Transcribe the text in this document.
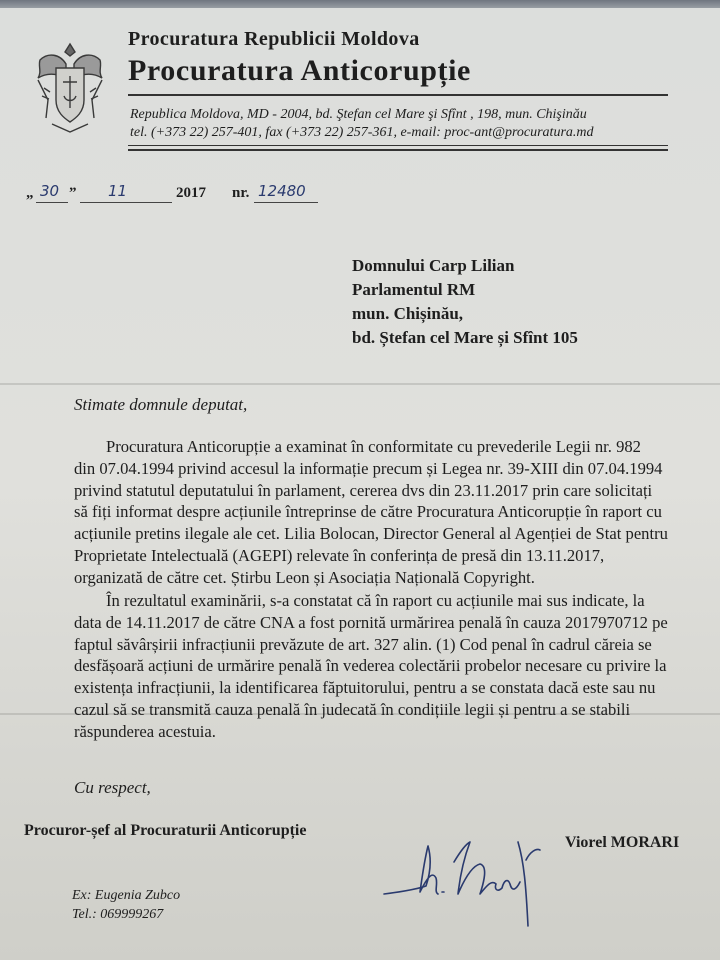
Procuratura Republicii Moldova
Procuratura Anticorupție
Republica Moldova, MD - 2004, bd. Ştefan cel Mare şi Sfînt , 198, mun. Chişinău
tel. (+373 22) 257-401, fax (+373 22) 257-361, e-mail: proc-ant@procuratura.md
„ 30 ” 11	2017 nr. 12480
Domnului Carp Lilian
Parlamentul RM
mun. Chișinău,
bd. Ștefan cel Mare și Sfînt 105
Stimate domnule deputat,
Procuratura Anticorupție a examinat în conformitate cu prevederile Legii nr. 982
din 07.04.1994 privind accesul la informație precum și Legea nr. 39-XIII din 07.04.1994
privind statutul deputatului în parlament, cererea dvs din 23.11.2017 prin care solicitați
să fiți informat despre acțiunile întreprinse de către Procuratura Anticorupție în raport cu
acțiunile pretins ilegale ale cet. Lilia Bolocan, Director General al Agenției de Stat pentru
Proprietate Intelectuală (AGEPI) relevate în conferința de presă din 13.11.2017,
organizată de către cet. Știrbu Leon și Asociația Națională Copyright.
În rezultatul examinării, s-a constatat că în raport cu acțiunile mai sus indicate, la
data de 14.11.2017 de către CNA a fost pornită urmărirea penală în cauza 2017970712 pe
faptul săvârșirii infracțiunii prevăzute de art. 327 alin. (1) Cod penal în cadrul căreia se
desfășoară acțiuni de urmărire penală în vederea colectării probelor necesare cu privire la
existența infracțiunii, la identificarea făptuitorului, pentru a se constata dacă este sau nu
cazul să se transmită cauza penală în judecată în condițiile legii și pentru a se stabili
răspunderea acestuia.
Cu respect,
Procuror-șef al Procuraturii Anticorupție
Viorel MORARI
Ex: Eugenia Zubco
Tel.: 069999267
